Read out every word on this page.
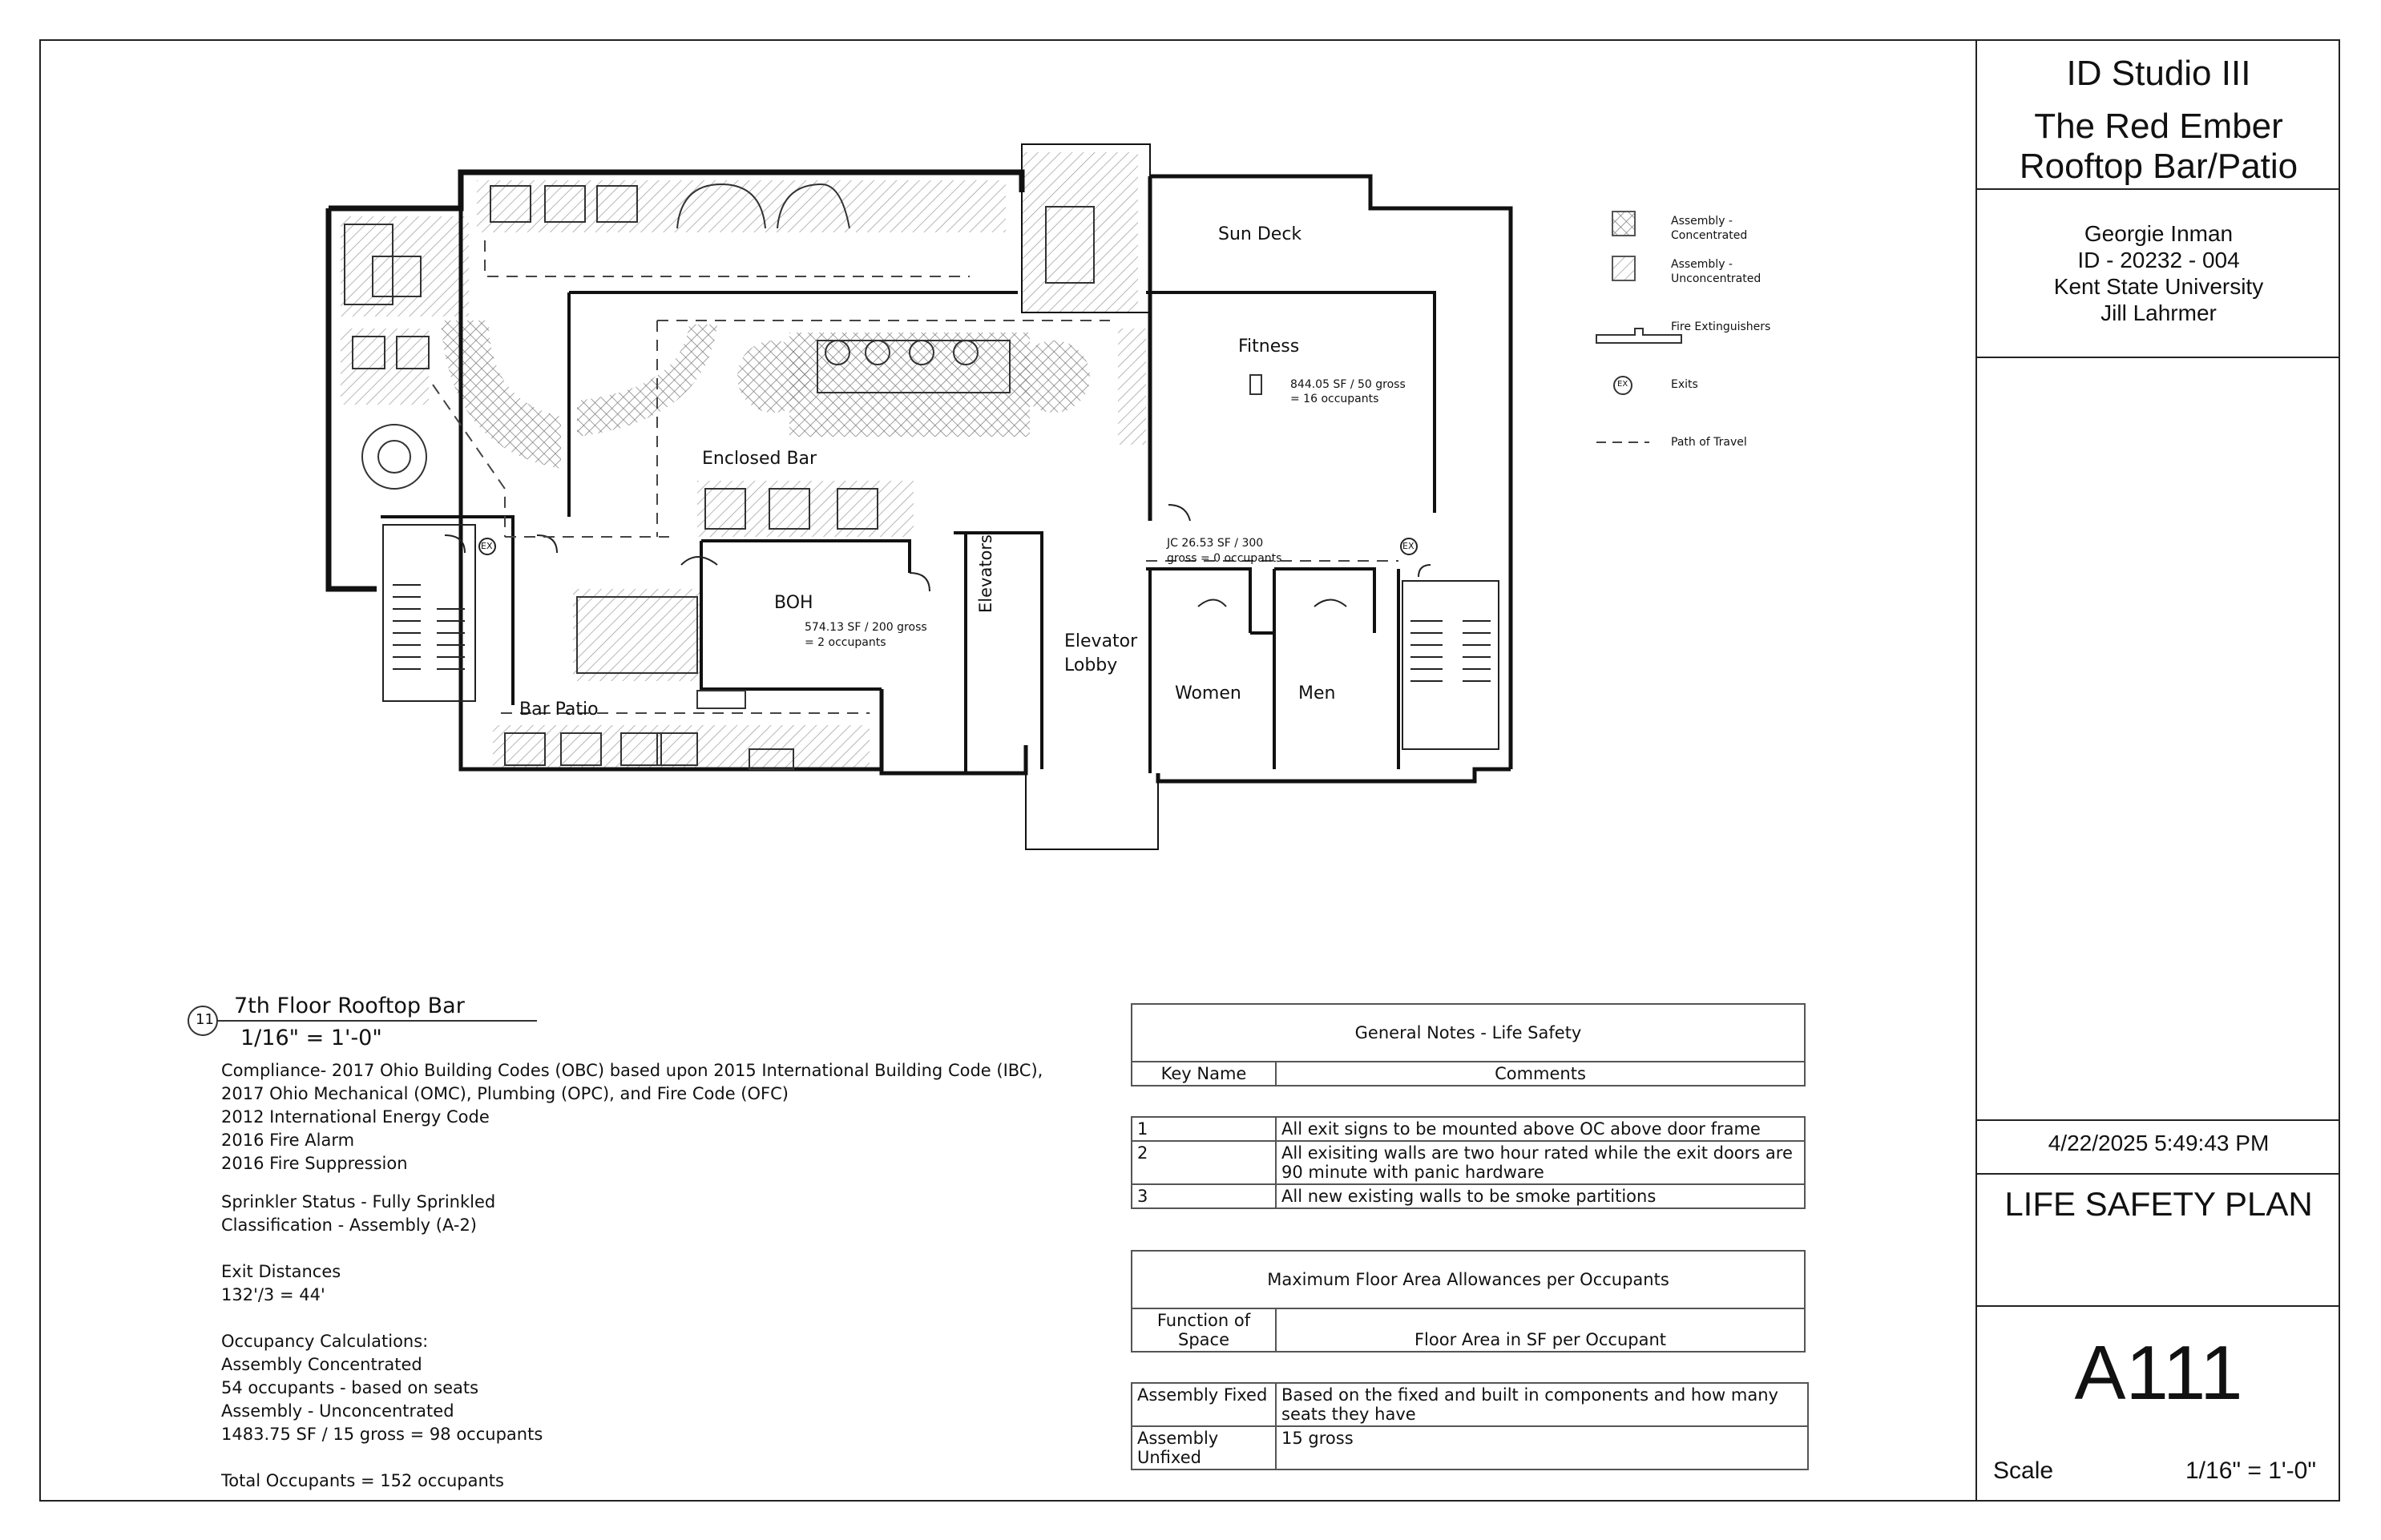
ID Studio III
The Red Ember
Rooftop Bar/Patio
Georgie Inman
ID - 20232 - 004
Kent State University
Jill Lahrmer
4/22/2025 5:49:43 PM
LIFE SAFETY PLAN
A111
Scale	1/16" = 1'-0"
Sun Deck
Fitness
844.05 SF / 50 gross
= 16 occupants
Enclosed Bar
BOH
574.13 SF / 200 gross
= 2 occupants
JC 26.53 SF / 300
gross = 0 occupants
Elevators
Elevator
Lobby
Women	Men
Bar Patio
EX	EX
Assembly -
Concentrated
Assembly -
Unconcentrated
Fire Extinguishers
EX	Exits
Path of Travel
11
7th Floor Rooftop Bar
1/16" = 1'-0"
Compliance- 2017 Ohio Building Codes (OBC) based upon 2015 International Building Code (IBC),
2017 Ohio Mechanical (OMC), Plumbing (OPC), and Fire Code (OFC)
2012 International Energy Code
2016 Fire Alarm
2016 Fire Suppression
Sprinkler Status - Fully Sprinkled
Classification - Assembly (A-2)
Exit Distances
132'/3 = 44'
Occupancy Calculations:
Assembly Concentrated
54 occupants - based on seats
Assembly - Unconcentrated
1483.75 SF / 15 gross = 98 occupants
Total Occupants = 152 occupants
General Notes - Life Safety
Key Name	Comments
1	All exit signs to be mounted above OC above door frame
2	All exisiting walls are two hour rated while the exit doors are 90 minute with panic hardware
3	All new existing walls to be smoke partitions
Maximum Floor Area Allowances per Occupants
Function of Space	Floor Area in SF per Occupant
Assembly Fixed	Based on the fixed and built in components and how many seats they have
Assembly Unfixed	15 gross
